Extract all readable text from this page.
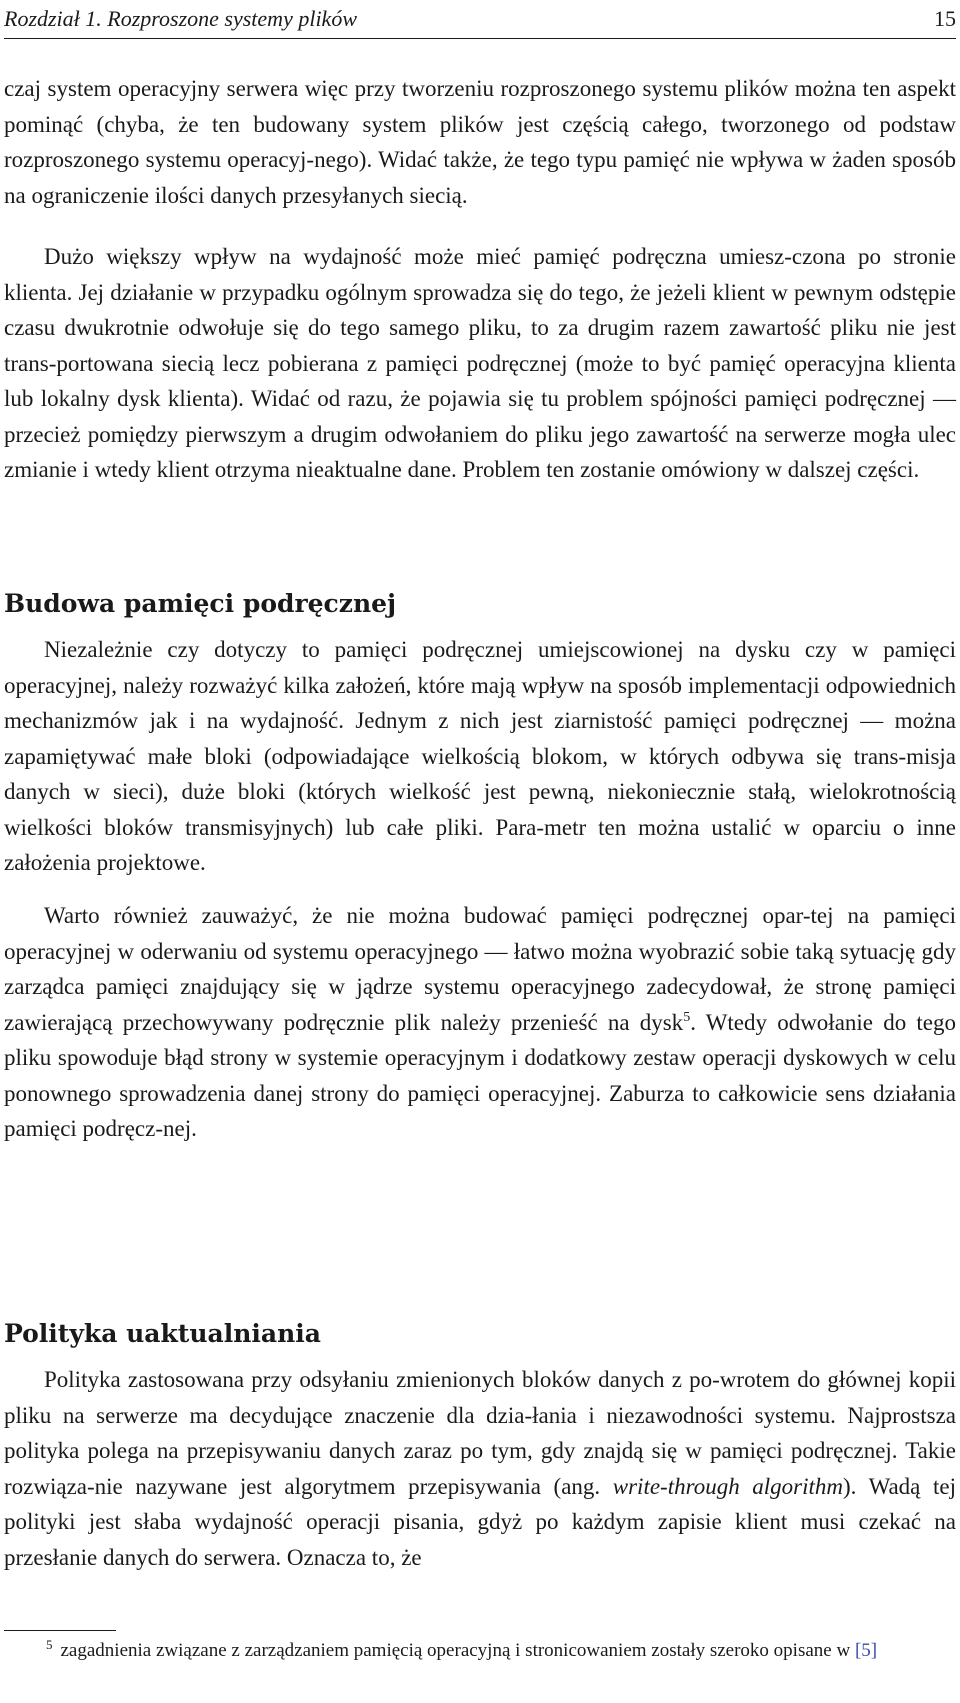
Rozdział 1. Rozproszone systemy plików	15

czaj system operacyjny serwera więc przy tworzeniu rozproszonego systemu plików można ten aspekt pominąć (chyba, że ten budowany system plików jest częścią całego, tworzonego od podstaw rozproszonego systemu operacyj-nego). Widać także, że tego typu pamięć nie wpływa w żaden sposób na ograniczenie ilości danych przesyłanych siecią.

Dużo większy wpływ na wydajność może mieć pamięć podręczna umiesz-czona po stronie klienta. Jej działanie w przypadku ogólnym sprowadza się do tego, że jeżeli klient w pewnym odstępie czasu dwukrotnie odwołuje się do tego samego pliku, to za drugim razem zawartość pliku nie jest trans-portowana siecią lecz pobierana z pamięci podręcznej (może to być pamięć operacyjna klienta lub lokalny dysk klienta). Widać od razu, że pojawia się tu problem spójności pamięci podręcznej — przecież pomiędzy pierwszym a drugim odwołaniem do pliku jego zawartość na serwerze mogła ulec zmianie i wtedy klient otrzyma nieaktualne dane. Problem ten zostanie omówiony w dalszej części.

Budowa pamięci podręcznej

Niezależnie czy dotyczy to pamięci podręcznej umiejscowionej na dysku czy w pamięci operacyjnej, należy rozważyć kilka założeń, które mają wpływ na sposób implementacji odpowiednich mechanizmów jak i na wydajność. Jednym z nich jest ziarnistość pamięci podręcznej — można zapamiętywać małe bloki (odpowiadające wielkością blokom, w których odbywa się trans-misja danych w sieci), duże bloki (których wielkość jest pewną, niekoniecznie stałą, wielokrotnością wielkości bloków transmisyjnych) lub całe pliki. Para-metr ten można ustalić w oparciu o inne założenia projektowe.

Warto również zauważyć, że nie można budować pamięci podręcznej opar-tej na pamięci operacyjnej w oderwaniu od systemu operacyjnego — łatwo można wyobrazić sobie taką sytuację gdy zarządca pamięci znajdujący się w jądrze systemu operacyjnego zadecydował, że stronę pamięci zawierającą przechowywany podręcznie plik należy przenieść na dysk$^5$. Wtedy odwołanie do tego pliku spowoduje błąd strony w systemie operacyjnym i dodatkowy zestaw operacji dyskowych w celu ponownego sprowadzenia danej strony do pamięci operacyjnej. Zaburza to całkowicie sens działania pamięci podręcz-nej.

Polityka uaktualniania

Polityka zastosowana przy odsyłaniu zmienionych bloków danych z po-wrotem do głównej kopii pliku na serwerze ma decydujące znaczenie dla dzia-łania i niezawodności systemu. Najprostsza polityka polega na przepisywaniu danych zaraz po tym, gdy znajdą się w pamięci podręcznej. Takie rozwiąza-nie nazywane jest algorytmem przepisywania (ang. write-through algorithm). Wadą tej polityki jest słaba wydajność operacji pisania, gdyż po każdym zapisie klient musi czekać na przesłanie danych do serwera. Oznacza to, że

$^5$ zagadnienia związane z zarządzaniem pamięcią operacyjną i stronicowaniem zostały szeroko opisane w [5]
